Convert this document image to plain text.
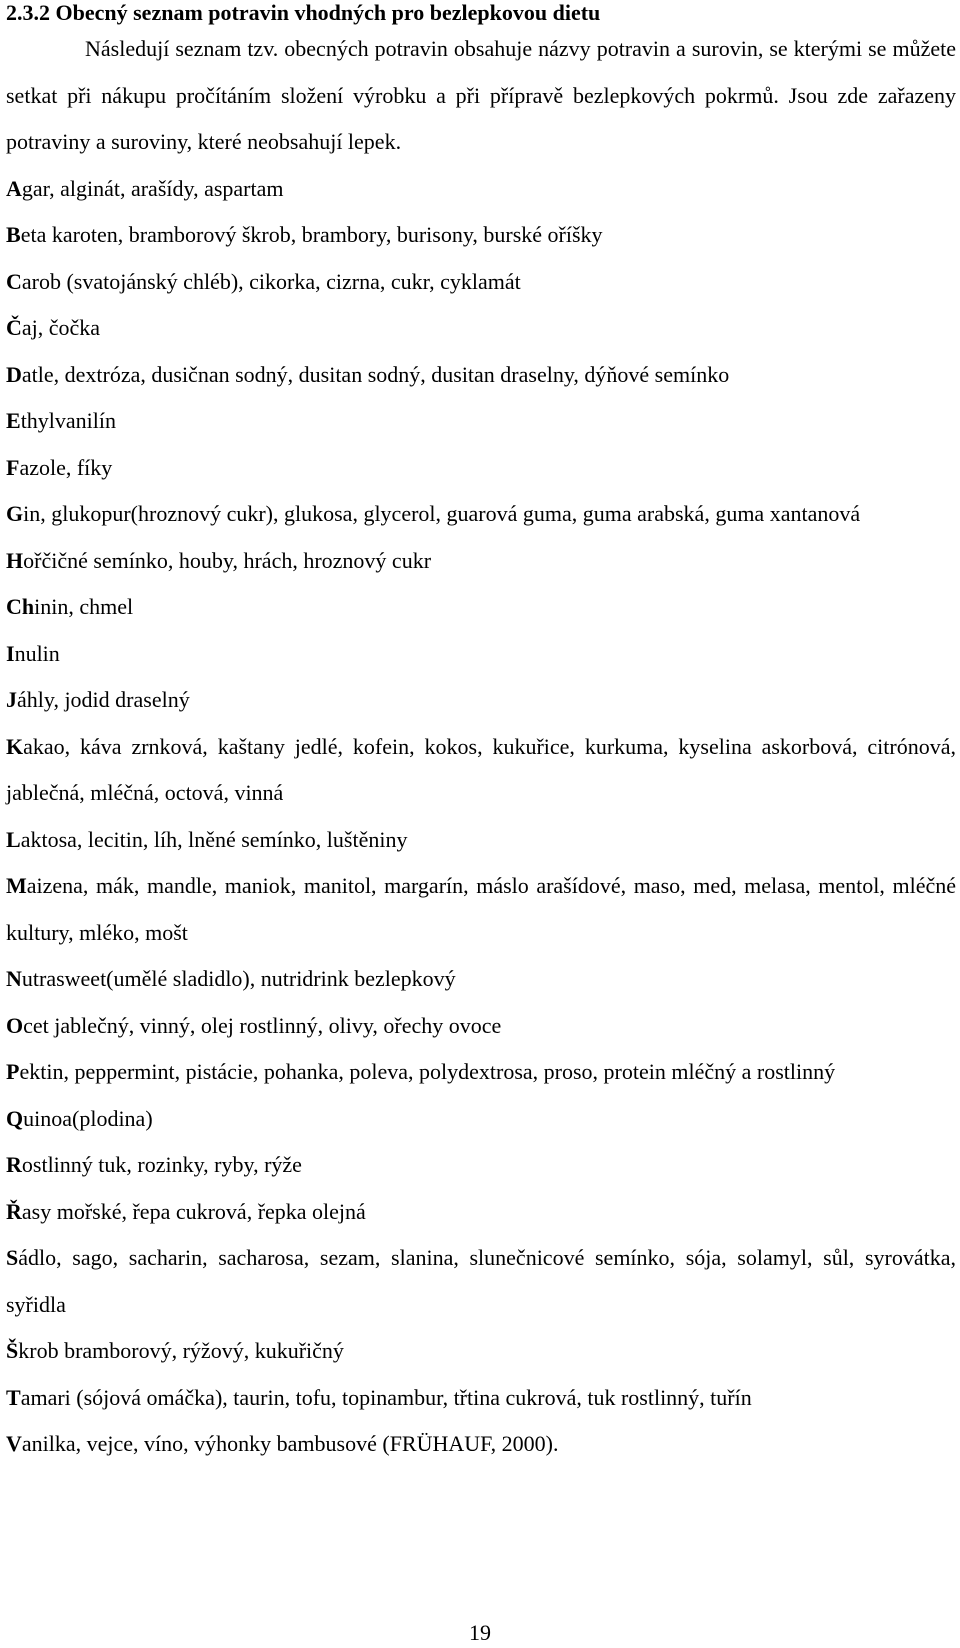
2.3.2 Obecný seznam potravin vhodných pro bezlepkovou dietu

Následují seznam tzv. obecných potravin obsahuje názvy potravin a surovin, se kterými se můžete setkat při nákupu pročítáním složení výrobku a při přípravě bezlepkových pokrmů. Jsou zde zařazeny potraviny a suroviny, které neobsahují lepek.

Agar, alginát, arašídy, aspartam
Beta karoten, bramborový škrob, brambory, burisony, burské oříšky
Carob (svatojánský chléb), cikorka, cizrna, cukr, cyklamát
Čaj, čočka
Datle, dextróza, dusičnan sodný, dusitan sodný, dusitan draselny, dýňové semínko
Ethylvanilín
Fazole, fíky
Gin, glukopur(hroznový cukr), glukosa, glycerol, guarová guma, guma arabská, guma xantanová
Hořčičné semínko, houby, hrách, hroznový cukr
Chinin, chmel
Inulin
Jáhly, jodid draselný
Kakao, káva zrnková, kaštany jedlé, kofein, kokos, kukuřice, kurkuma, kyselina askorbová, citrónová, jablečná, mléčná, octová, vinná
Laktosa, lecitin, líh, lněné semínko, luštěniny
Maizena, mák, mandle, maniok, manitol, margarín, máslo arašídové, maso, med, melasa, mentol, mléčné kultury, mléko, mošt
Nutrasweet(umělé sladidlo), nutridrink bezlepkový
Ocet jablečný, vinný, olej rostlinný, olivy, ořechy ovoce
Pektin, peppermint, pistácie, pohanka, poleva, polydextrosa, proso, protein mléčný a rostlinný
Quinoa(plodina)
Rostlinný tuk, rozinky, ryby, rýže
Řasy mořské, řepa cukrová, řepka olejná
Sádlo, sago, sacharin, sacharosa, sezam, slanina, slunečnicové semínko, sója, solamyl, sůl, syrovátka, syřidla
Škrob bramborový, rýžový, kukuřičný
Tamari (sójová omáčka), taurin, tofu, topinambur, třtina cukrová, tuk rostlinný, tuřín
Vanilka, vejce, víno, výhonky bambusové (FRÜHAUF, 2000).
19
